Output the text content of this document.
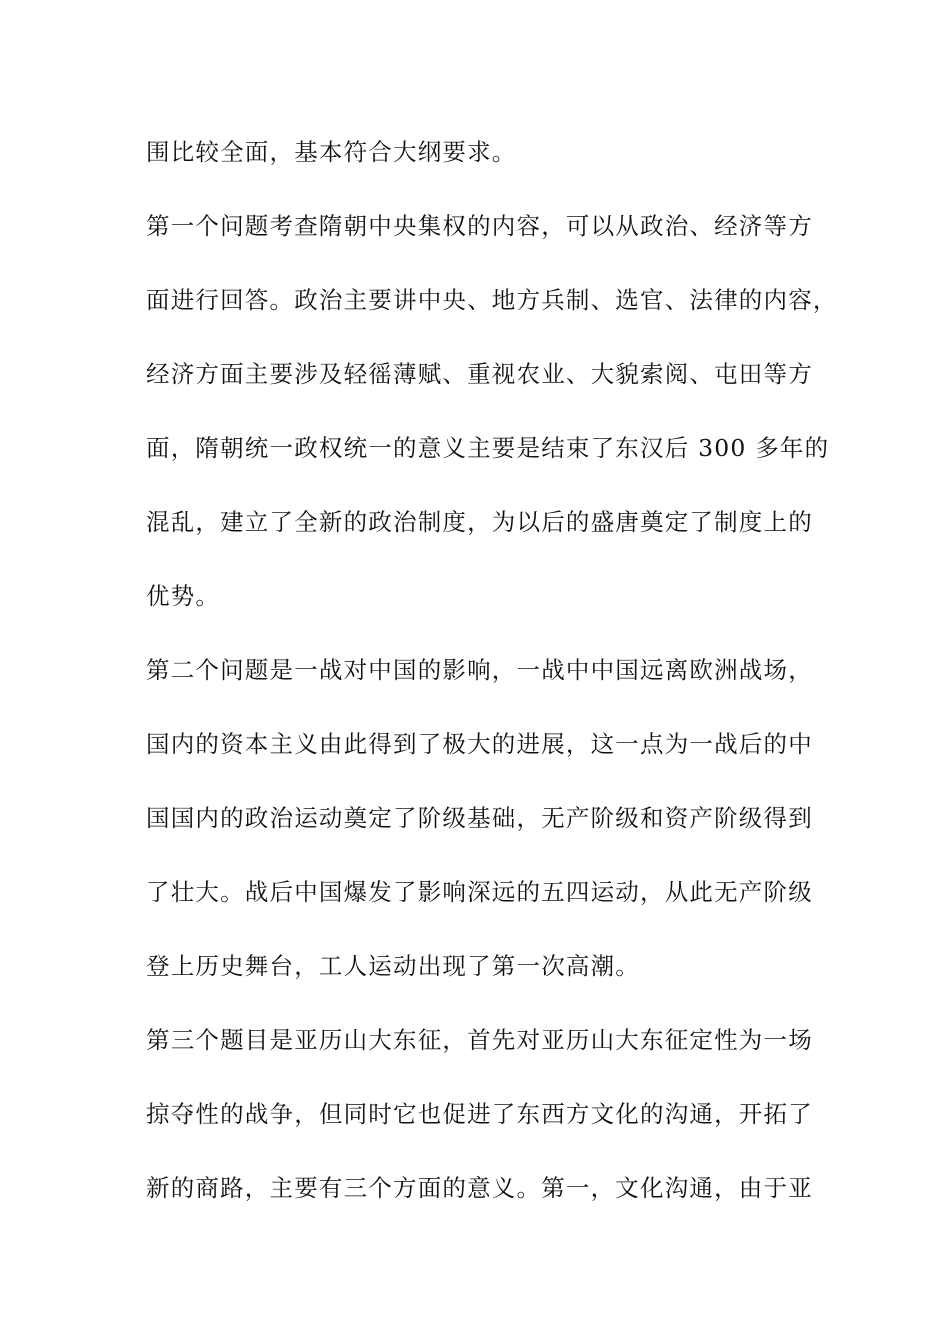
围比较全面，基本符合大纲要求。
第一个问题考查隋朝中央集权的内容，可以从政治、经济等方
面进行回答。政治主要讲中央、地方兵制、选官、法律的内容，
经济方面主要涉及轻徭薄赋、重视农业、大貌索阅、屯田等方
面，隋朝统一政权统一的意义主要是结束了东汉后 300 多年的
混乱，建立了全新的政治制度，为以后的盛唐奠定了制度上的
优势。
第二个问题是一战对中国的影响，一战中中国远离欧洲战场，
国内的资本主义由此得到了极大的进展，这一点为一战后的中
国国内的政治运动奠定了阶级基础，无产阶级和资产阶级得到
了壮大。战后中国爆发了影响深远的五四运动，从此无产阶级
登上历史舞台，工人运动出现了第一次高潮。
第三个题目是亚历山大东征，首先对亚历山大东征定性为一场
掠夺性的战争，但同时它也促进了东西方文化的沟通，开拓了
新的商路，主要有三个方面的意义。第一，文化沟通，由于亚
